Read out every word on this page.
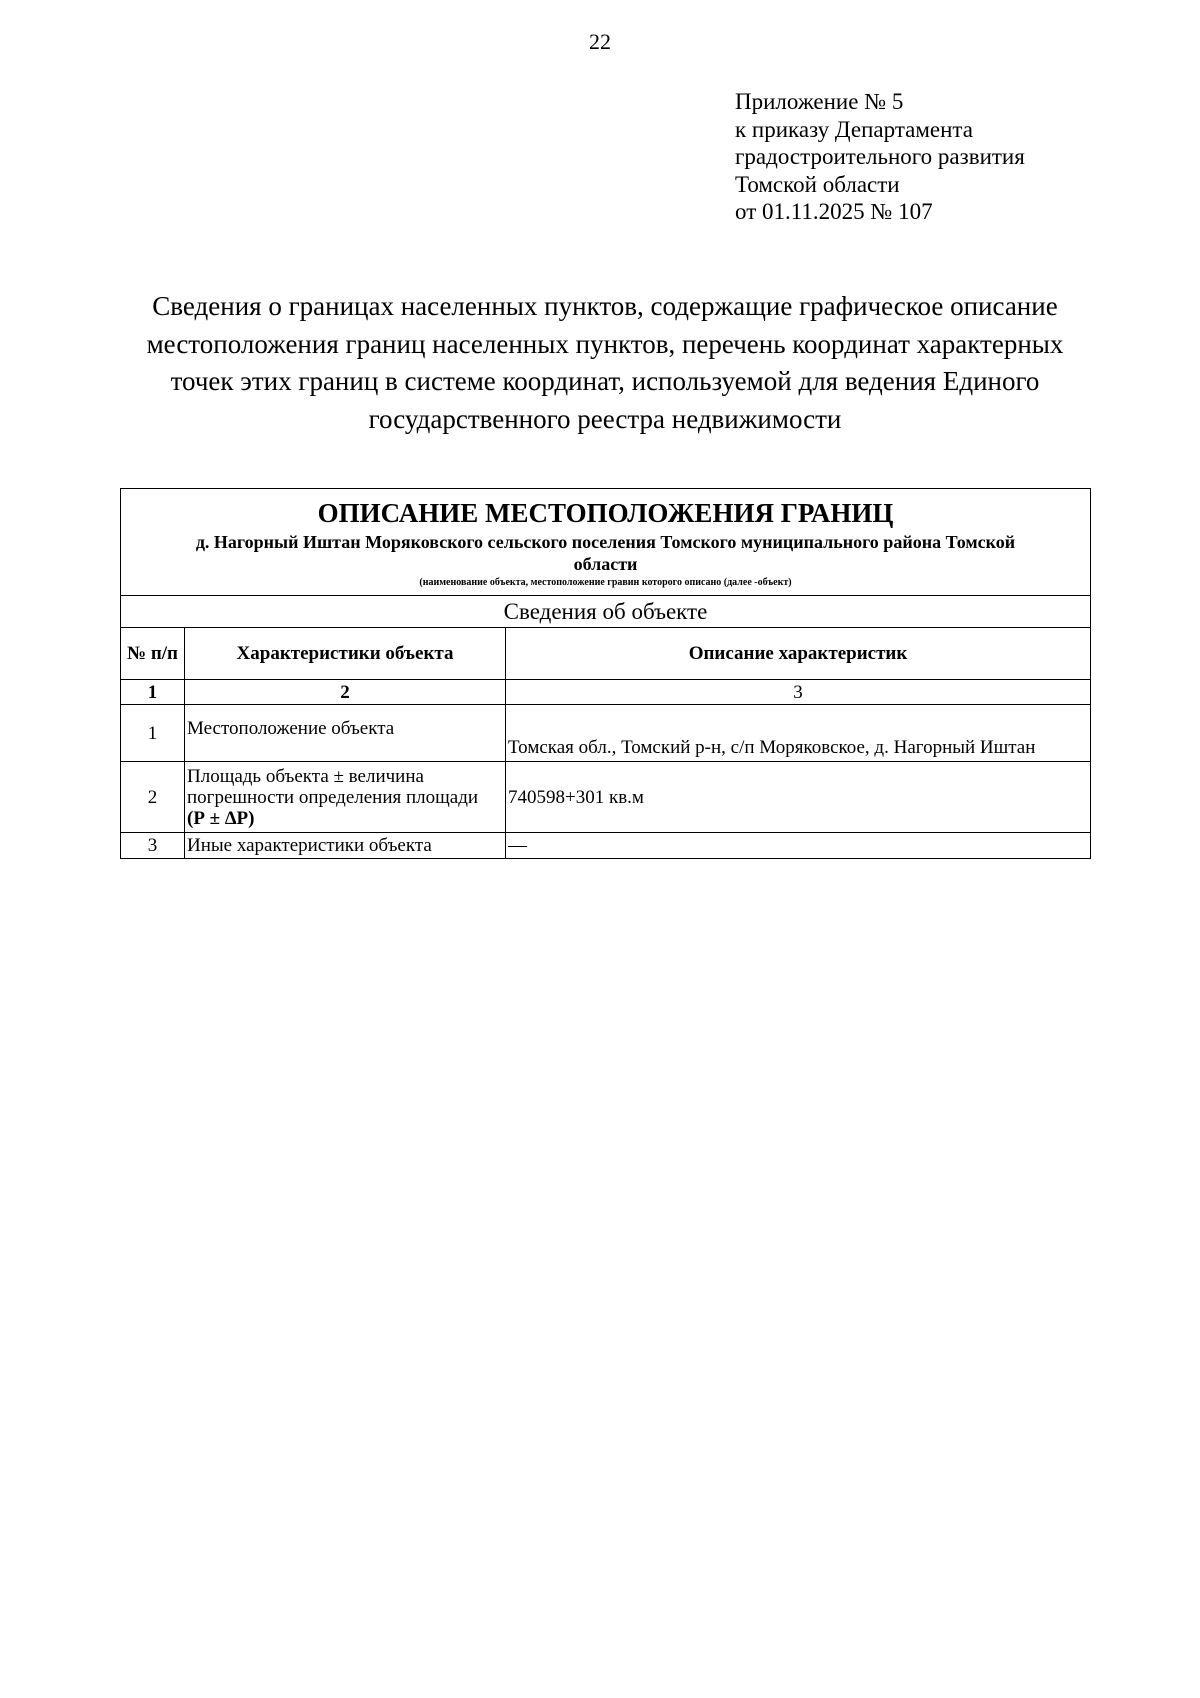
22
Приложение № 5
к приказу Департамента
градостроительного развития
Томской области
от 01.11.2025 № 107
Сведения о границах населенных пунктов, содержащие графическое описание
местоположения границ населенных пунктов, перечень координат характерных
точек этих границ в системе координат, используемой для ведения Единого
государственного реестра недвижимости
ОПИСАНИЕ МЕСТОПОЛОЖЕНИЯ ГРАНИЦ
д. Нагорный Иштан Моряковского сельского поселения Томского муниципального района Томской
области
(наименование объекта, местоположение гравин которого описано (далее -объект)		

Сведения об объекте		
№ п/п	Характеристики объекта	Описание характеристик
1	2	3
1	Местоположение объекта	Томская обл., Томский р-н, с/п Моряковское, д. Нагорный Иштан
2	Площадь объекта ± величина
погрешности определения площади
(Р ± ∆Р)	740598+301 кв.м
3	Иные характеристики объекта	—
